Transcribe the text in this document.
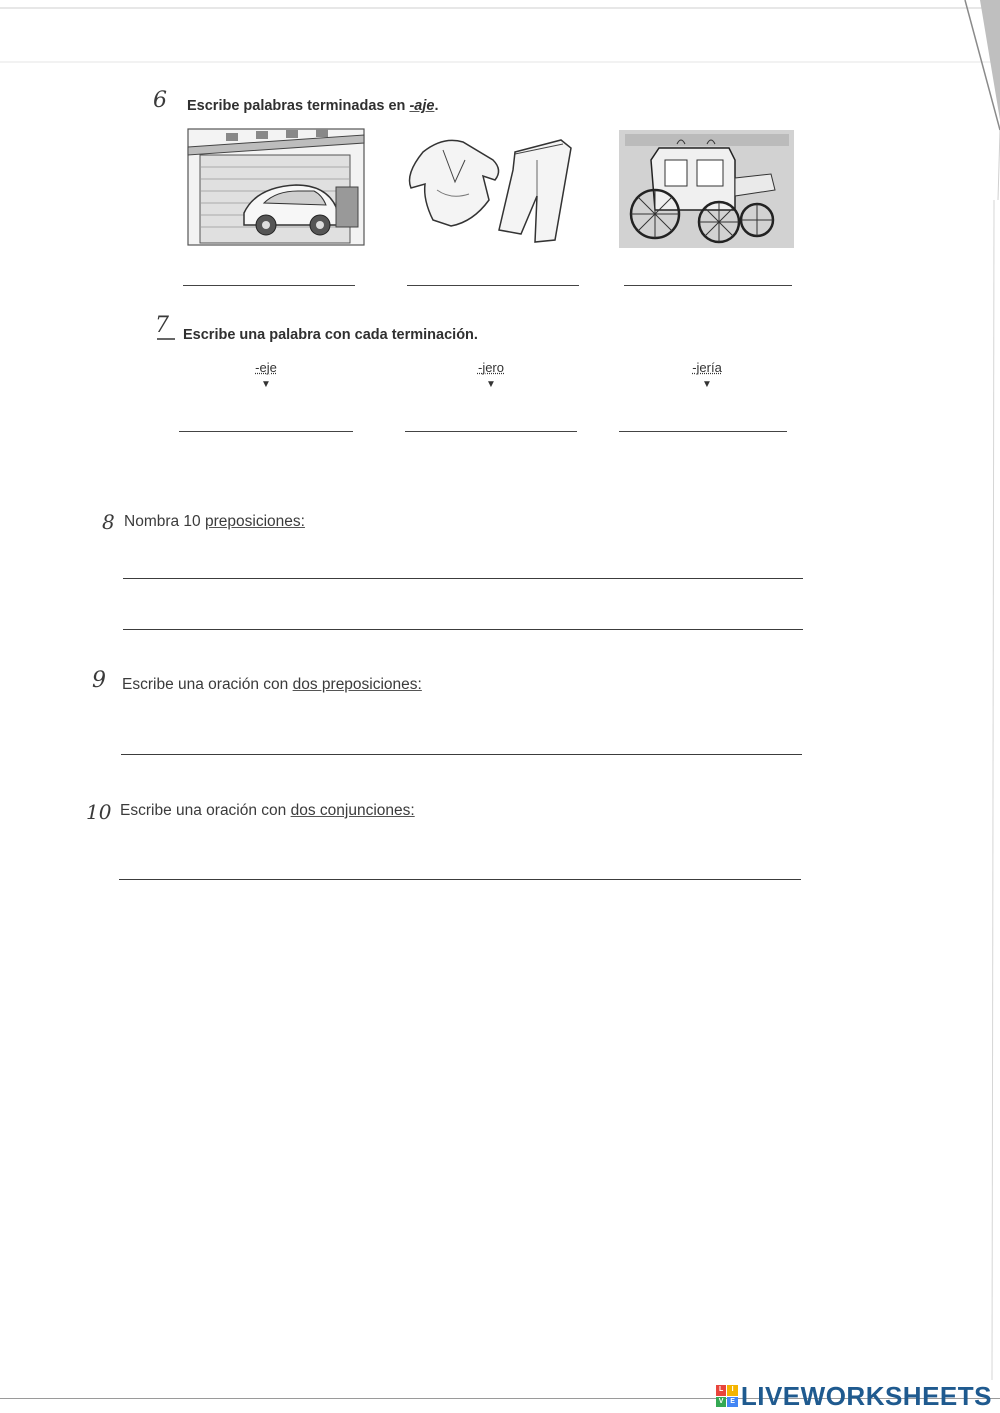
6 Escribe palabras terminadas en -aje.
7 Escribe una palabra con cada terminación.
-eje
▼
-jero
▼
-jería
▼
8 Nombra 10 preposiciones:
9 Escribe una oración con dos preposiciones:
10 Escribe una oración con dos conjunciones:
L	I
V E LIVEWORKSHEETS
